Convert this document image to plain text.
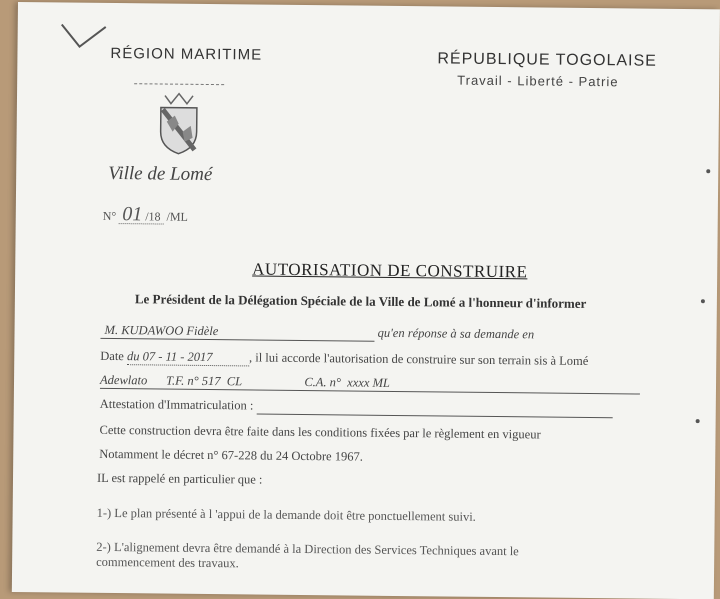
RÉGION MARITIME	RÉPUBLIQUE TOGOLAISE
Travail - Liberté - Patrie
Ville de Lomé
N° 01 /18 /ML
AUTORISATION DE CONSTRUIRE
Le Président de la Délégation Spéciale de la Ville de Lomé a l'honneur d'informer
M. KUDAWOO Fidèle	qu'en réponse à sa demande en
Date du 07 - 11 - 2017	, il lui accorde l'autorisation de construire sur son terrain sis à Lomé
Adewlato T.F. n° 517  CL	C.A. n°  xxxx ML
Attestation d'Immatriculation :
Cette construction devra être faite dans les conditions fixées par le règlement en vigueur
Notamment le décret n° 67-228 du 24 Octobre 1967.
IL est rappelé en particulier que :
1-) Le plan présenté à l 'appui de la demande doit être ponctuellement suivi.
2-) L'alignement devra être demandé à la Direction des Services Techniques avant le
commencement des travaux.
